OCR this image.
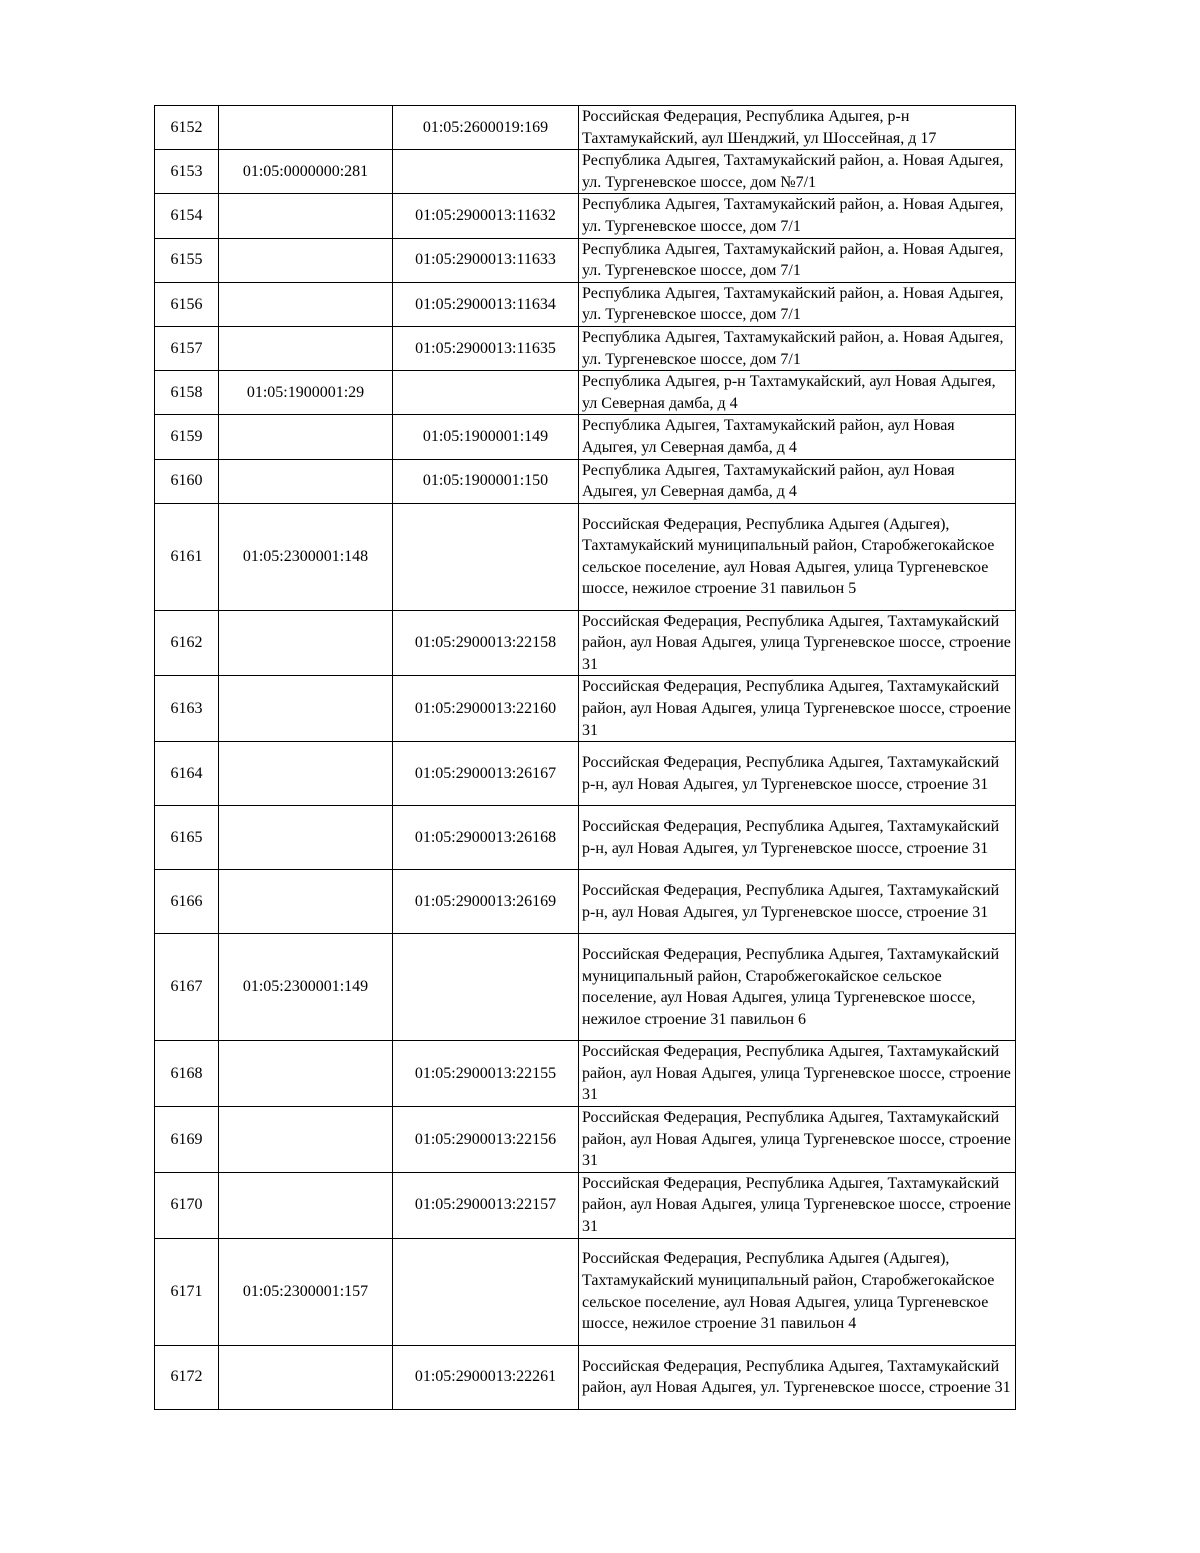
6152		01:05:2600019:169	Российская Федерация, Республика Адыгея, р-н Тахтамукайский, аул Шенджий, ул Шоссейная, д 17
6153	01:05:0000000:281		Республика Адыгея, Тахтамукайский район, а. Новая Адыгея, ул. Тургеневское шоссе, дом №7/1
6154		01:05:2900013:11632	Республика Адыгея, Тахтамукайский район, а. Новая Адыгея, ул. Тургеневское шоссе, дом 7/1
6155		01:05:2900013:11633	Республика Адыгея, Тахтамукайский район, а. Новая Адыгея, ул. Тургеневское шоссе, дом 7/1
6156		01:05:2900013:11634	Республика Адыгея, Тахтамукайский район, а. Новая Адыгея, ул. Тургеневское шоссе, дом 7/1
6157		01:05:2900013:11635	Республика Адыгея, Тахтамукайский район, а. Новая Адыгея, ул. Тургеневское шоссе, дом 7/1
6158	01:05:1900001:29		Республика Адыгея, р-н Тахтамукайский, аул Новая Адыгея, ул Северная дамба, д 4
6159		01:05:1900001:149	Республика Адыгея, Тахтамукайский район, аул Новая Адыгея, ул Северная дамба, д 4
6160		01:05:1900001:150	Республика Адыгея, Тахтамукайский район, аул Новая Адыгея, ул Северная дамба, д 4
6161	01:05:2300001:148		Российская Федерация, Республика Адыгея (Адыгея), Тахтамукайский муниципальный район, Старобжегокайское сельское поселение, аул Новая Адыгея, улица Тургеневское шоссе, нежилое строение 31 павильон 5
6162		01:05:2900013:22158	Российская Федерация, Республика Адыгея, Тахтамукайский район, аул Новая Адыгея, улица Тургеневское шоссе, строение 31
6163		01:05:2900013:22160	Российская Федерация, Республика Адыгея, Тахтамукайский район, аул Новая Адыгея, улица Тургеневское шоссе, строение 31
6164		01:05:2900013:26167	Российская Федерация, Республика Адыгея, Тахтамукайский р-н, аул Новая Адыгея, ул Тургеневское шоссе, строение 31
6165		01:05:2900013:26168	Российская Федерация, Республика Адыгея, Тахтамукайский р-н, аул Новая Адыгея, ул Тургеневское шоссе, строение 31
6166		01:05:2900013:26169	Российская Федерация, Республика Адыгея, Тахтамукайский р-н, аул Новая Адыгея, ул Тургеневское шоссе, строение 31
6167	01:05:2300001:149		Российская Федерация, Республика Адыгея, Тахтамукайский муниципальный район, Старобжегокайское сельское поселение, аул Новая Адыгея, улица Тургеневское шоссе, нежилое строение 31 павильон 6
6168		01:05:2900013:22155	Российская Федерация, Республика Адыгея, Тахтамукайский район, аул Новая Адыгея, улица Тургеневское шоссе, строение 31
6169		01:05:2900013:22156	Российская Федерация, Республика Адыгея, Тахтамукайский район, аул Новая Адыгея, улица Тургеневское шоссе, строение 31
6170		01:05:2900013:22157	Российская Федерация, Республика Адыгея, Тахтамукайский район, аул Новая Адыгея, улица Тургеневское шоссе, строение 31
6171	01:05:2300001:157		Российская Федерация, Республика Адыгея (Адыгея), Тахтамукайский муниципальный район, Старобжегокайское сельское поселение, аул Новая Адыгея, улица Тургеневское шоссе, нежилое строение 31 павильон 4
6172		01:05:2900013:22261	Российская Федерация, Республика Адыгея, Тахтамукайский район, аул Новая Адыгея, ул. Тургеневское шоссе, строение 31
